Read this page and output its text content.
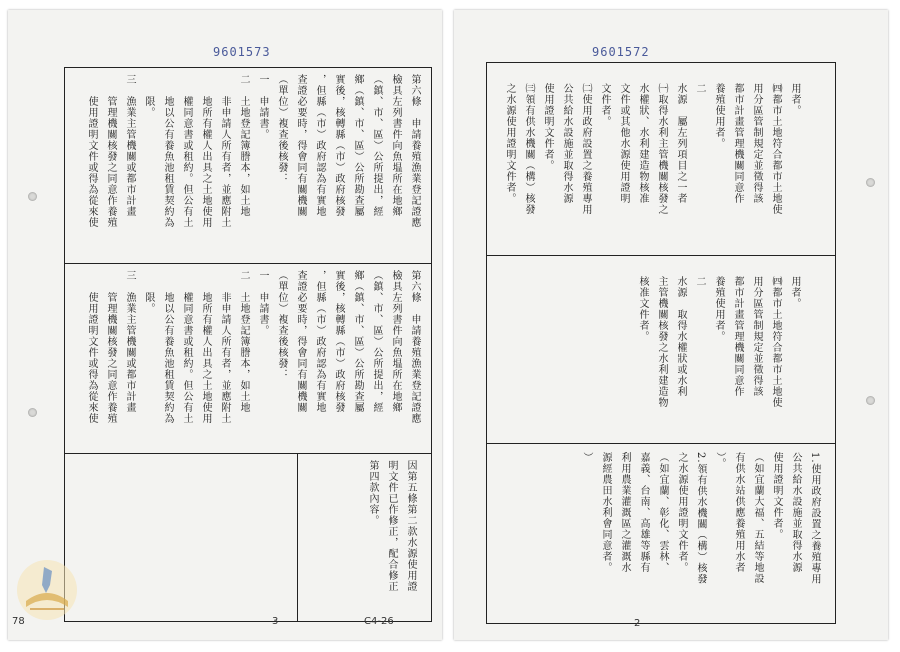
9601573
第六條　申請養殖漁業登記證應
檢具左列書件向魚塭所在地鄉
（鎮、市、區）公所提出，經
鄉（鎮、市、區）公所勘查屬
實後，核轉縣（市）政府核發
，但縣（市）政府認為有實地
查證必要時，得會同有關機關
（單位）複查後核發：
一　申請書。
二　土地登記簿謄本，如土地
　　非申請人所有者，並應附土
　　地所有權人出具之土地使用
　　權同意書或租約。但公有土
　　地以公有養魚池租賃契約為
　　限。
三　漁業主管機關或都市計畫
　　管理機關核發之同意作養殖
　　使用證明文件或得為從來使
第六條　申請養殖漁業登記證應
檢具左列書件向魚塭所在地鄉
（鎮、市、區）公所提出，經
鄉（鎮、市、區）公所勘查屬
實後，核轉縣（市）政府核發
，但縣（市）政府認為有實地
查證必要時，得會同有關機關
（單位）複查後核發：
一　申請書。
二　土地登記簿謄本，如土地
　　非申請人所有者，並應附土
　　地所有權人出具之土地使用
　　權同意書或租約。但公有土
　　地以公有養魚池租賃契約為
　　限。
三　漁業主管機關或都市計畫
　　管理機關核發之同意作養殖
　　使用證明文件或得為從來使
因第五條第二款水源使用證
明文件已作修正，配合修正
第四款內容。
3	C4-26
78
9601572
用者。
㈣都市土地符合都市土地使
用分區管制規定並徵得該
都市計畫管理機關同意作
養殖使用者。
二
水源　屬左列項目之一者
㈠取得水利主管機關核發之
水權狀、水利建造物核准
文件或其他水源使用證明
文件者。
㈡使用政府設置之養殖專用
公共給水設施並取得水源
使用證明文件者。
㈢領有供水機關（構）核發
之水源使用證明文件者。
用者。
㈣都市土地符合都市土地使
用分區管制規定並徵得該
都市計畫管理機關同意作
養殖使用者。
二
水源　取得水權狀或水利
主管機關核發之水利建造物
核准文件者。
1.使用政府設置之養殖專用
公共給水設施並取得水源
使用證明文件者。
（如宜蘭大福、五結等地設
有供水站供應養殖用水者
）。
2.領有供水機關（構）核發
之水源使用證明文件者。
（如宜蘭、彰化、雲林、
嘉義、台南、高雄等縣有
利用農業灌溉區之灌溉水
源經農田水利會同意者。
）
2
